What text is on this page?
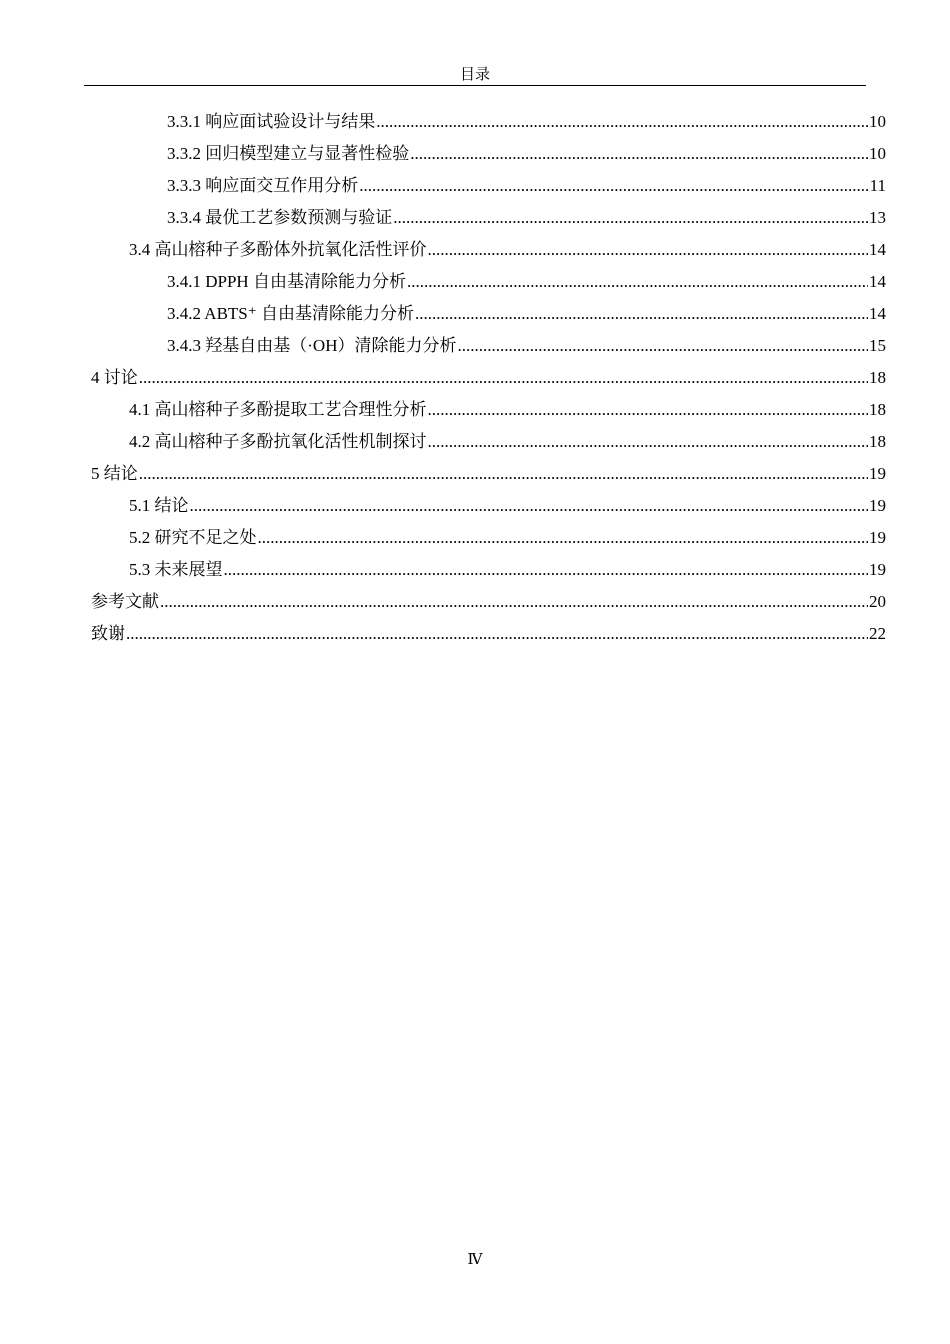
目录
3.3.1 响应面试验设计与结果 .....	10
3.3.2 回归模型建立与显著性检验 .....	10
3.3.3 响应面交互作用分析 .....	11
3.3.4 最优工艺参数预测与验证 .....	13
3.4 高山榕种子多酚体外抗氧化活性评价 .....	14
3.4.1 DPPH 自由基清除能力分析 .....	14
3.4.2 ABTS⁺ 自由基清除能力分析 .....	14
3.4.3 羟基自由基（·OH）清除能力分析 .....	15
4 讨论 .....	18
4.1 高山榕种子多酚提取工艺合理性分析 .....	18
4.2 高山榕种子多酚抗氧化活性机制探讨 .....	18
5 结论 .....	19
5.1 结论 .....	19
5.2 研究不足之处 .....	19
5.3 未来展望 .....	19
参考文献 .....	20
致谢 .....	22
Ⅳ
